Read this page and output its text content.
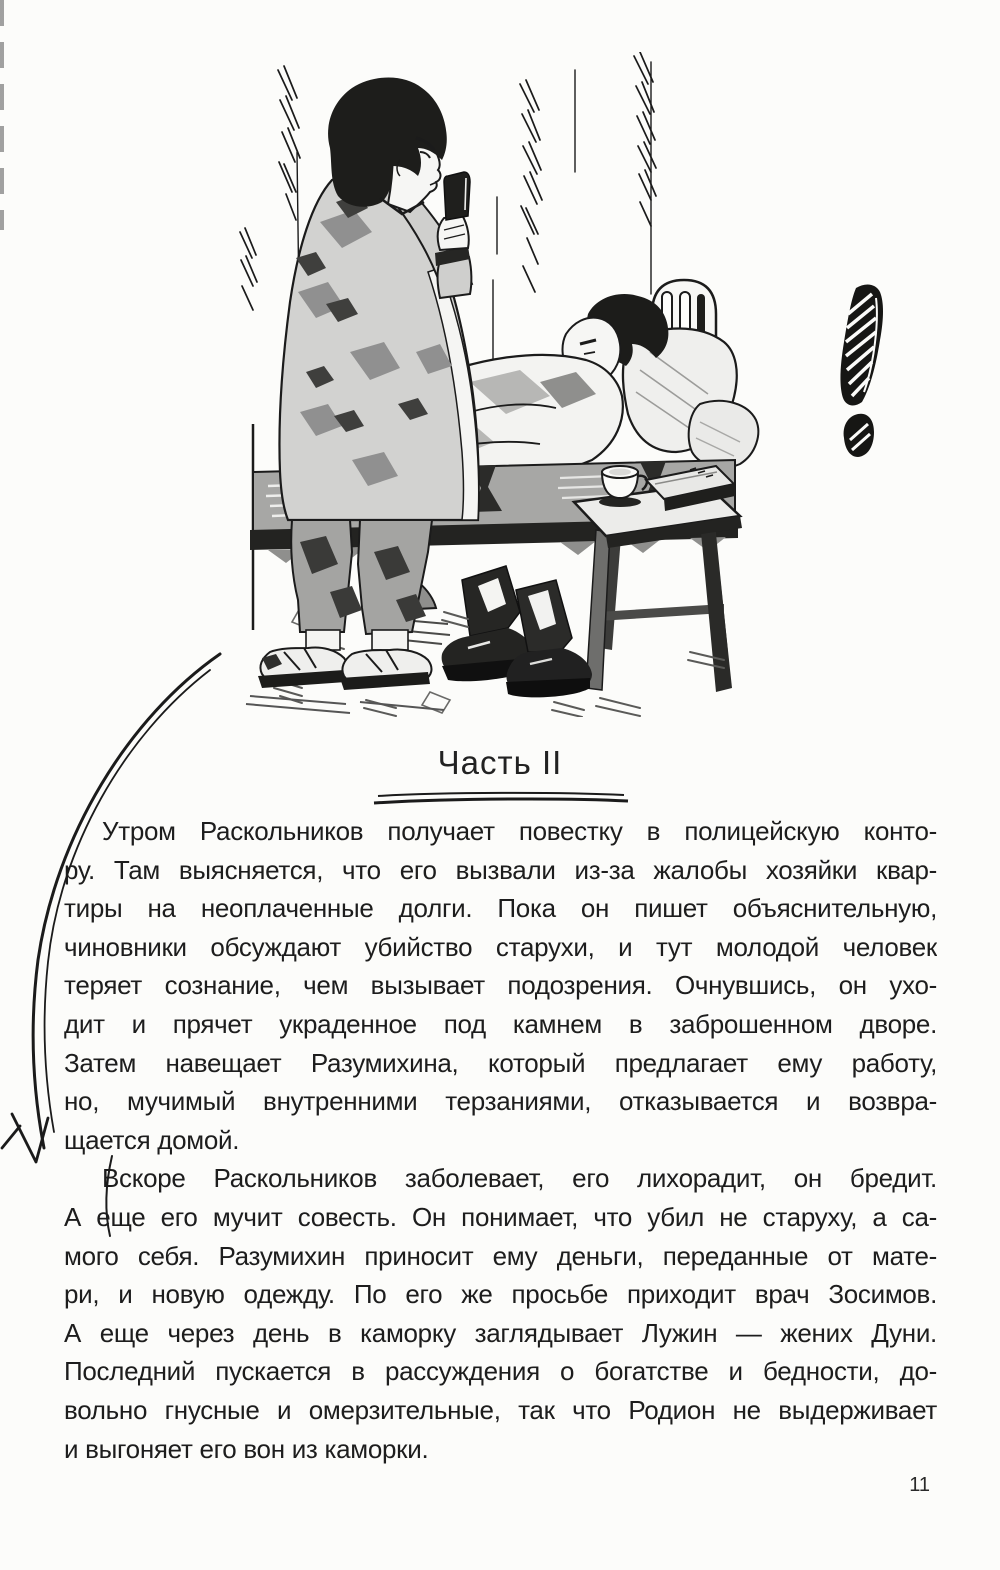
Часть II
Утром Раскольников получает повестку в полицейскую конто-
ру. Там выясняется, что его вызвали из-за жалобы хозяйки квар-
тиры на неоплаченные долги. Пока он пишет объяснительную,
чиновники обсуждают убийство старухи, и тут молодой человек
теряет сознание, чем вызывает подозрения. Очнувшись, он ухо-
дит и прячет украденное под камнем в заброшенном дворе.
Затем навещает Разумихина, который предлагает ему работу,
но, мучимый внутренними терзаниями, отказывается и возвра-
щается домой.
Вскоре Раскольников заболевает, его лихорадит, он бредит.
А еще его мучит совесть. Он понимает, что убил не старуху, а са-
мого себя. Разумихин приносит ему деньги, переданные от мате-
ри, и новую одежду. По его же просьбе приходит врач Зосимов.
А еще через день в каморку заглядывает Лужин — жених Дуни.
Последний пускается в рассуждения о богатстве и бедности, до-
вольно гнусные и омерзительные, так что Родион не выдерживает
и выгоняет его вон из каморки.
11
